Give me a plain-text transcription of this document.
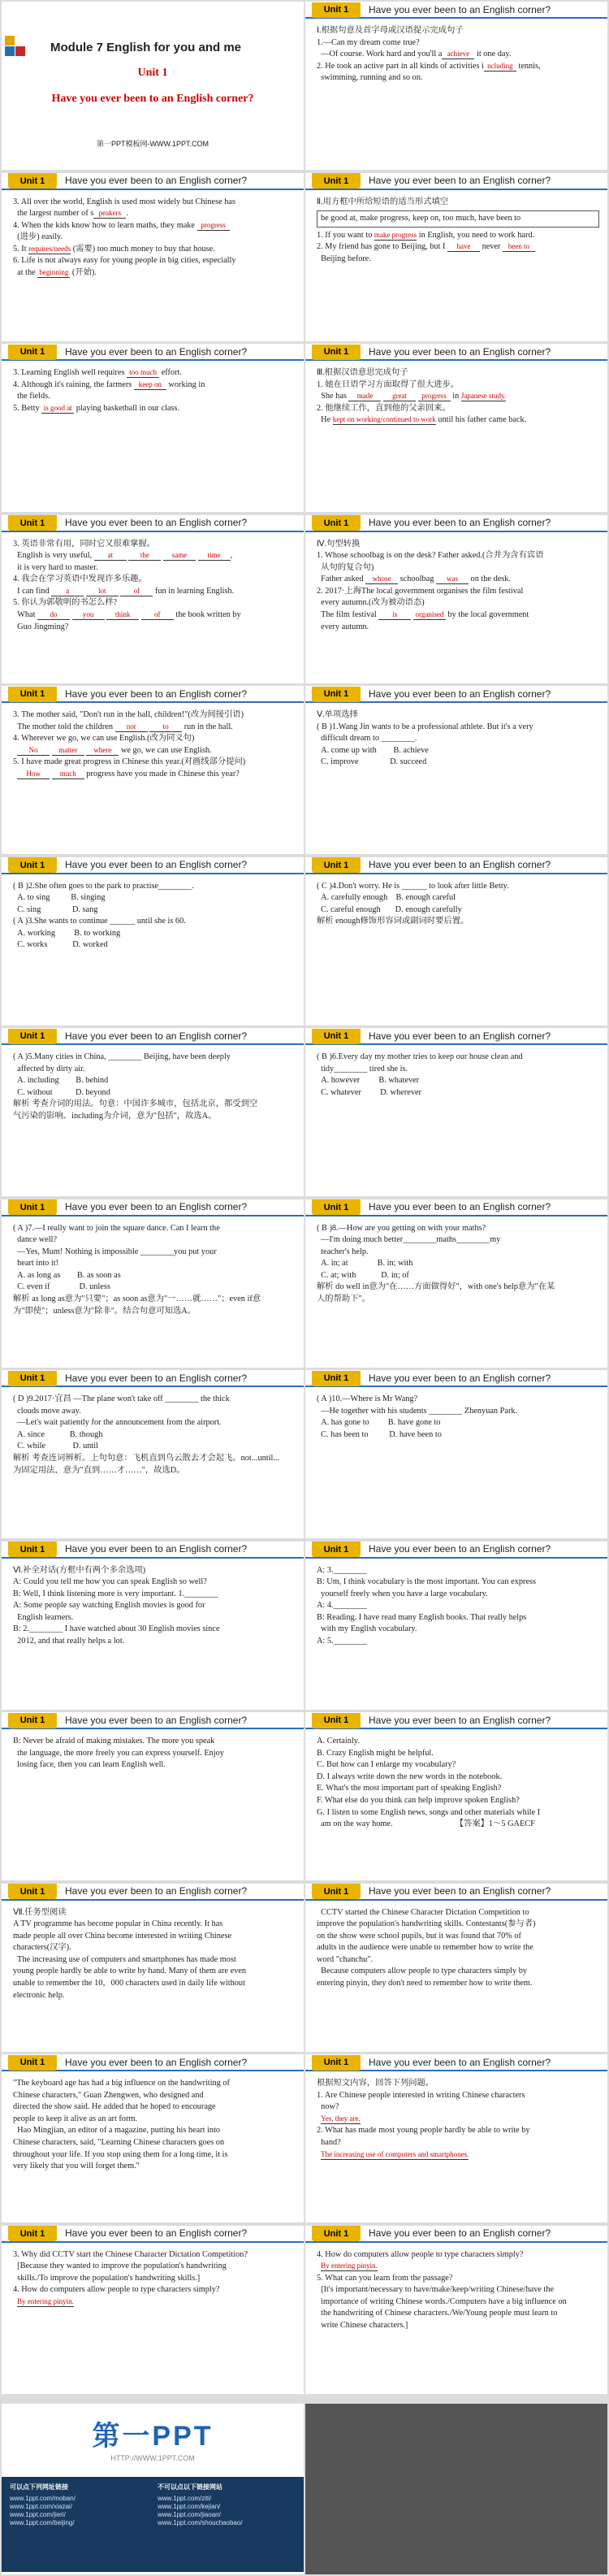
Module 7 English for you and me
Unit 1
Have you ever been to an English corner?
第一PPT模板网-WWW.1PPT.COM
Unit 1	Have you ever been to an English corner?
Ⅰ.根据句意及首字母或汉语提示完成句子
1.—Can my dream come true?
—Of course. Work hard and you'll a achieve it one day.
2. He took an active part in all kinds of activities i ncluding tennis,
swimming, running and so on.
Unit 1	Have you ever been to an English corner?
3. All over the world, English is used most widely but Chinese has
the largest number of s peakers .
4. When the kids know how to learn maths, they make progress
(进步) easily.
5. It requires/needs (需要) too much money to buy that house.
6. Life is not always easy for young people in big cities, especially
at the beginning (开始).
Unit 1	Have you ever been to an English corner?
Ⅱ.用方框中所给短语的适当形式填空
be good at, make progress, keep on, too much, have been to
1. If you want to make progress in English, you need to work hard.
2. My friend has gone to Beijing, but I have never been to
Beijing before.
Unit 1	Have you ever been to an English corner?
3. Learning English well requires too much effort.
4. Although it's raining, the farmers keep on working in
the fields.
5. Betty is good at playing basketball in our class.
Unit 1	Have you ever been to an English corner?
Ⅲ.根据汉语意思完成句子
1. 她在日语学习方面取得了很大进步。
She has made	great progress in Japanese study.
2. 他继续工作，直到他的父亲回来。
He kept on working/continued to work until his father came back.
Unit 1	Have you ever been to an English corner?
3. 英语非常有用，同时它又很难掌握。
English is very useful, at	the	same	time ,
it is very hard to master.
4. 我会在学习英语中发现许多乐趣。
I can find a	lot	of fun in learning English.
5. 你认为郭敬明的书怎么样?
What do	you	think	of the book written by
Guo Jingming?
Unit 1	Have you ever been to an English corner?
Ⅳ.句型转换
1. Whose schoolbag is on the desk? Father asked.(合并为含有宾语
从句的复合句)
Father asked whose schoolbag was on the desk.
2. 2017·上海The local government organises the film festival
every autumn.(改为被动语态)
The film festival is organised by the local government
every autumn.
Unit 1	Have you ever been to an English corner?
3. The mother said, "Don't run in the hall, children!"(改为间接引语)
The mother told the children not	to run in the hall.
4. Wherever we go, we can use English.(改为同义句)
No	matter where we go, we can use English.
5. I have made great progress in Chinese this year.(对画线部分提问)
How	much progress have you made in Chinese this year?
Unit 1	Have you ever been to an English corner?
Ⅴ.单项选择
( B )1.Wang Jin wants to be a professional athlete. But it's a very
difficult dream to ________.
A. come up with        B. achieve
C. improve               D. succeed
Unit 1	Have you ever been to an English corner?
( B )2.She often goes to the park to practise________.
A. to sing          B. singing
C. sing               D. sang
( A )3.She wants to continue ______ until she is 60.
A. working         B. to working
C. works            D. worked
Unit 1	Have you ever been to an English corner?
( C )4.Don't worry. He is ______ to look after little Betty.
A. carefully enough    B. enough careful
C. careful enough       D. enough carefully
解析 enough修饰形容词或副词时要后置。
Unit 1	Have you ever been to an English corner?
( A )5.Many cities in China, ________ Beijing, have been deeply
affected by dirty air.
A. including        B. behind
C. without           D. beyond
解析 考查介词的用法。句意：中国许多城市，包括北京，都受到空
气污染的影响。including为介词，意为"包括"，故选A。
Unit 1	Have you ever been to an English corner?
( B )6.Every day my mother tries to keep our house clean and
tidy________ tired she is.
A. however         B. whatever
C. whatever         D. wherever
Unit 1	Have you ever been to an English corner?
( A )7.—I really want to join the square dance. Can I learn the
dance well?
—Yes, Mum! Nothing is impossible ________you put your
heart into it!
A. as long as        B. as soon as
C. even if              D. unless
解析 as long as意为"只要"；as soon as意为"一……就……"；even if意
为"即使"；unless意为"除非"。结合句意可知选A。
Unit 1	Have you ever been to an English corner?
( B )8.—How are you getting on with your maths?
—I'm doing much better________maths________my
teacher's help.
A. in; at              B. in; with
C. at; with            D. in; of
解析 do well in意为"在……方面做得好"，with one's help意为"在某
人的帮助下"。
Unit 1	Have you ever been to an English corner?
( D )9.2017·宜昌 —The plane won't take off ________ the thick
clouds move away.
—Let's wait patiently for the announcement from the airport.
A. since            B. though
C. while             D. until
解析 考查连词辨析。上句句意：飞机直到乌云散去才会起飞。not...until...
为固定用法，意为"直到……才……"，故选D。
Unit 1	Have you ever been to an English corner?
( A )10.—Where is Mr Wang?
—He together with his students ________ Zhenyuan Park.
A. has gone to         B. have gone to
C. has been to          D. have been to
Unit 1	Have you ever been to an English corner?
Ⅵ.补全对话(方框中有两个多余选项)
A: Could you tell me how you can speak English so well?
B: Well, I think listening more is very important. 1.________
A: Some people say watching English movies is good for
English learners.
B: 2.________ I have watched about 30 English movies since
2012, and that really helps a lot.
Unit 1	Have you ever been to an English corner?
A: 3.________
B: Um, I think vocabulary is the most important. You can express
yourself freely when you have a large vocabulary.
A: 4.________
B: Reading. I have read many English books. That really helps
with my English vocabulary.
A: 5.________
Unit 1	Have you ever been to an English corner?
B: Never be afraid of making mistakes. The more you speak
the language, the more freely you can express yourself. Enjoy
losing face, then you can learn English well.
Unit 1	Have you ever been to an English corner?
A. Certainly.
B. Crazy English might be helpful.
C. But how can I enlarge my vocabulary?
D. I always write down the new words in the notebook.
E. What's the most important part of speaking English?
F. What else do you think can help improve spoken English?
G. I listen to some English news, songs and other materials while I
am on the way home.                              【答案】1～5 GAECF
Unit 1	Have you ever been to an English corner?
Ⅶ.任务型阅读
A TV programme has become popular in China recently. It has
made people all over China become interested in writing Chinese
characters(汉字).
The increasing use of computers and smartphones has made most
young people hardly be able to write by hand. Many of them are even
unable to remember the 10，000 characters used in daily life without
electronic help.
Unit 1	Have you ever been to an English corner?
CCTV started the Chinese Character Dictation Competition to
improve the population's handwriting skills. Contestants(参与者)
on the show were school pupils, but it was found that 70% of
adults in the audience were unable to remember how to write the
word "chanchu".
Because computers allow people to type characters simply by
entering pinyin, they don't need to remember how to write them.
Unit 1	Have you ever been to an English corner?
"The keyboard age has had a big influence on the handwriting of
Chinese characters," Guan Zhengwen, who designed and
directed the show said. He added that he hoped to encourage
people to keep it alive as an art form.
Hao Mingjian, an editor of a magazine, putting his heart into
Chinese characters, said, "Learning Chinese characters goes on
throughout your life. If you stop using them for a long time, it is
very likely that you will forget them."
Unit 1	Have you ever been to an English corner?
根据短文内容，回答下列问题。
1. Are Chinese people interested in writing Chinese characters
now?
Yes, they are.
2. What has made most young people hardly be able to write by
hand?
The increasing use of computers and smartphones.
Unit 1	Have you ever been to an English corner?
3. Why did CCTV start the Chinese Character Dictation Competition?
[Because they wanted to improve the population's handwriting
skills./To improve the population's handwriting skills.]
4. How do computers allow people to type characters simply?
By entering pinyin.
Unit 1	Have you ever been to an English corner?
4. How do computers allow people to type characters simply?
By entering pinyin.
5. What can you learn from the passage?
[It's important/necessary to have/make/keep/writing Chinese/have the
importance of writing Chinese words./Computers have a big influence on
the handwriting of Chinese characters./We/Young people must learn to
write Chinese characters.]
第一PPT
HTTP://WWW.1PPT.COM
可以点下列网址链接
www.1ppt.com/moban/
www.1ppt.com/xiazai/
www.1ppt.com/jieri/
www.1ppt.com/beijing/
不可以点以下链接网站
www.1ppt.com/ziti/
www.1ppt.com/kejian/
www.1ppt.com/jiaoan/
www.1ppt.com/shouchaobao/
